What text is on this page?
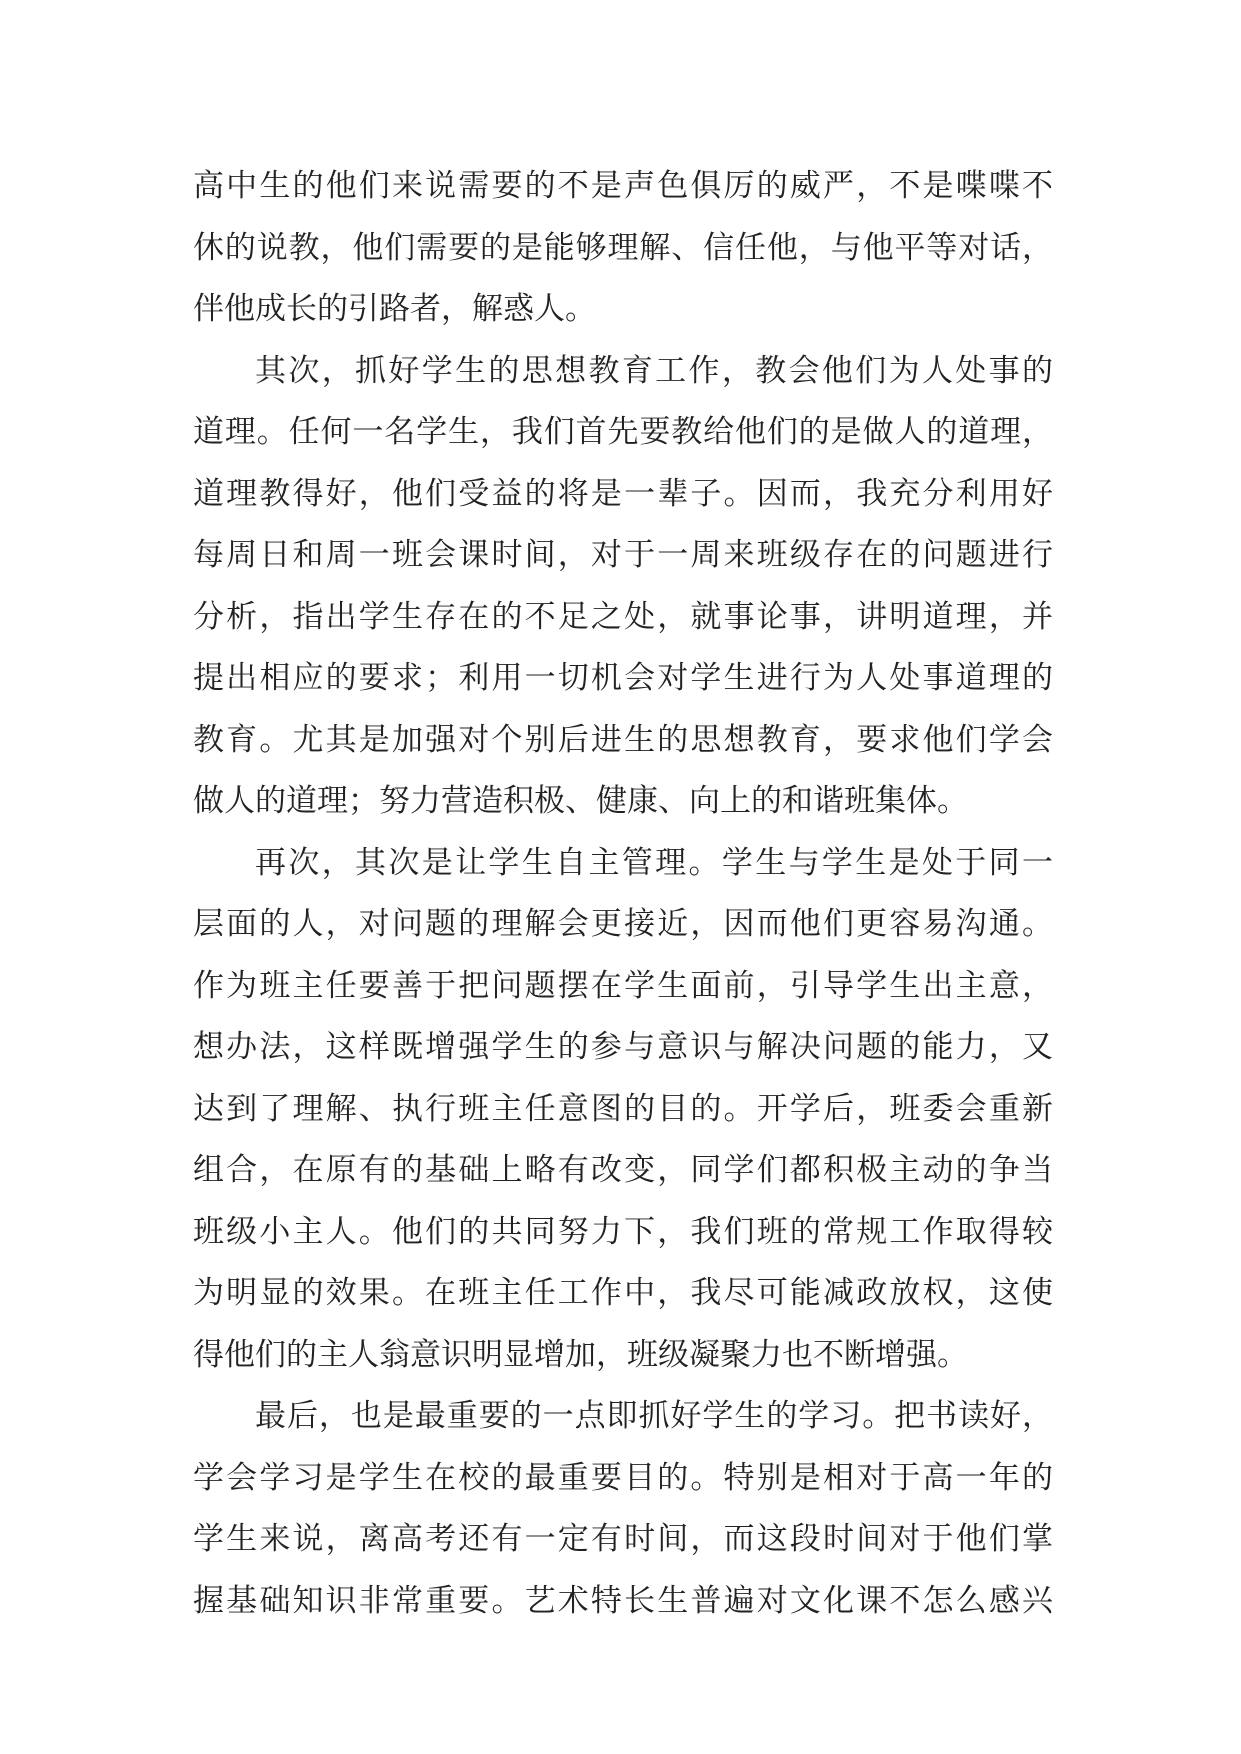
高中生的他们来说需要的不是声色俱厉的威严，不是喋喋不
休的说教，他们需要的是能够理解、信任他，与他平等对话，
伴他成长的引路者，解惑人。
其次，抓好学生的思想教育工作，教会他们为人处事的
道理。任何一名学生，我们首先要教给他们的是做人的道理，
道理教得好，他们受益的将是一辈子。因而，我充分利用好
每周日和周一班会课时间，对于一周来班级存在的问题进行
分析，指出学生存在的不足之处，就事论事，讲明道理，并
提出相应的要求；利用一切机会对学生进行为人处事道理的
教育。尤其是加强对个别后进生的思想教育，要求他们学会
做人的道理；努力营造积极、健康、向上的和谐班集体。
再次，其次是让学生自主管理。学生与学生是处于同一
层面的人，对问题的理解会更接近，因而他们更容易沟通。
作为班主任要善于把问题摆在学生面前，引导学生出主意，
想办法，这样既增强学生的参与意识与解决问题的能力，又
达到了理解、执行班主任意图的目的。开学后，班委会重新
组合，在原有的基础上略有改变，同学们都积极主动的争当
班级小主人。他们的共同努力下，我们班的常规工作取得较
为明显的效果。在班主任工作中，我尽可能减政放权，这使
得他们的主人翁意识明显增加，班级凝聚力也不断增强。
最后，也是最重要的一点即抓好学生的学习。把书读好，
学会学习是学生在校的最重要目的。特别是相对于高一年的
学生来说，离高考还有一定有时间，而这段时间对于他们掌
握基础知识非常重要。艺术特长生普遍对文化课不怎么感兴
